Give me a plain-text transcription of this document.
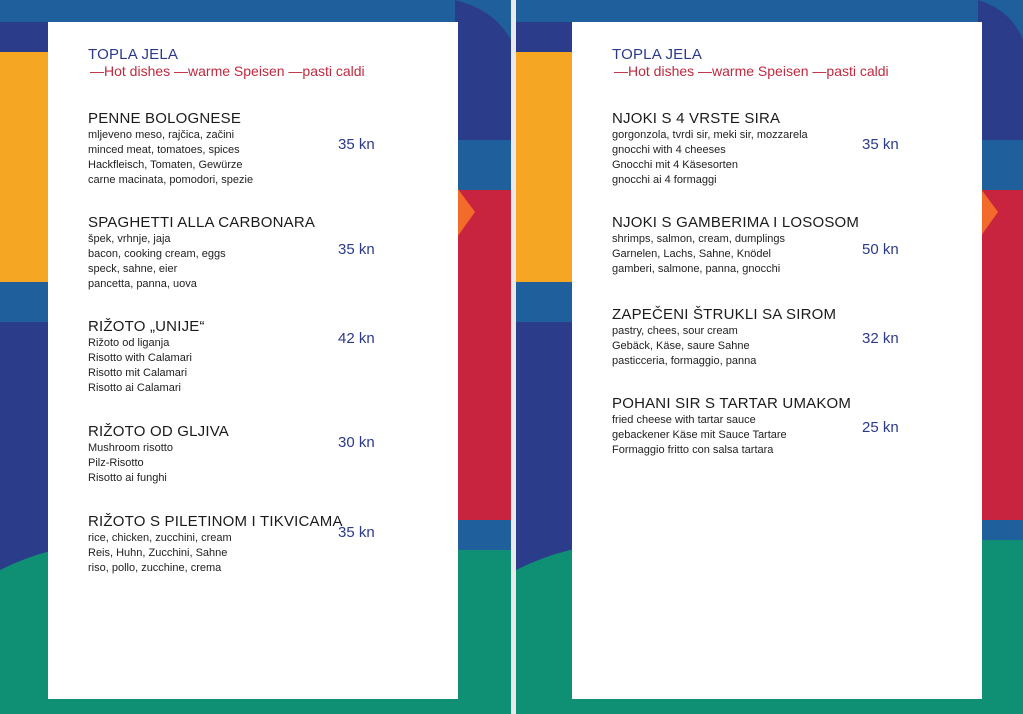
TOPLA JELA
—Hot dishes —warme Speisen —pasti caldi
PENNE BOLOGNESE
mljeveno meso, rajčica, začini
minced meat, tomatoes, spices
Hackfleisch, Tomaten, Gewürze
carne macinata, pomodori, spezie
35 kn
SPAGHETTI ALLA CARBONARA
špek, vrhnje, jaja
bacon, cooking cream, eggs
speck, sahne, eier
pancetta, panna, uova
35 kn
RIŽOTO „UNIJE“
Rižoto od liganja
Risotto with Calamari
Risotto mit Calamari
Risotto ai Calamari
42 kn
RIŽOTO OD GLJIVA
Mushroom risotto
Pilz-Risotto
Risotto ai funghi
30 kn
RIŽOTO S PILETINOM I TIKVICAMA
rice, chicken, zucchini, cream
Reis, Huhn, Zucchini, Sahne
riso, pollo, zucchine, crema
35 kn
TOPLA JELA
—Hot dishes —warme Speisen —pasti caldi
NJOKI S 4 VRSTE SIRA
gorgonzola, tvrdi sir, meki sir, mozzarela
gnocchi with 4 cheeses
Gnocchi mit 4 Käsesorten
gnocchi ai 4 formaggi
35 kn
NJOKI S GAMBERIMA I LOSOSOM
shrimps, salmon, cream, dumplings
Garnelen, Lachs, Sahne, Knödel
gamberi, salmone, panna, gnocchi
50 kn
ZAPEČENI ŠTRUKLI SA SIROM
pastry, chees, sour cream
Gebäck, Käse, saure Sahne
pasticceria, formaggio, panna
32 kn
POHANI SIR S TARTAR UMAKOM
fried cheese with tartar sauce
gebackener Käse mit Sauce Tartare
Formaggio fritto con salsa tartara
25 kn
